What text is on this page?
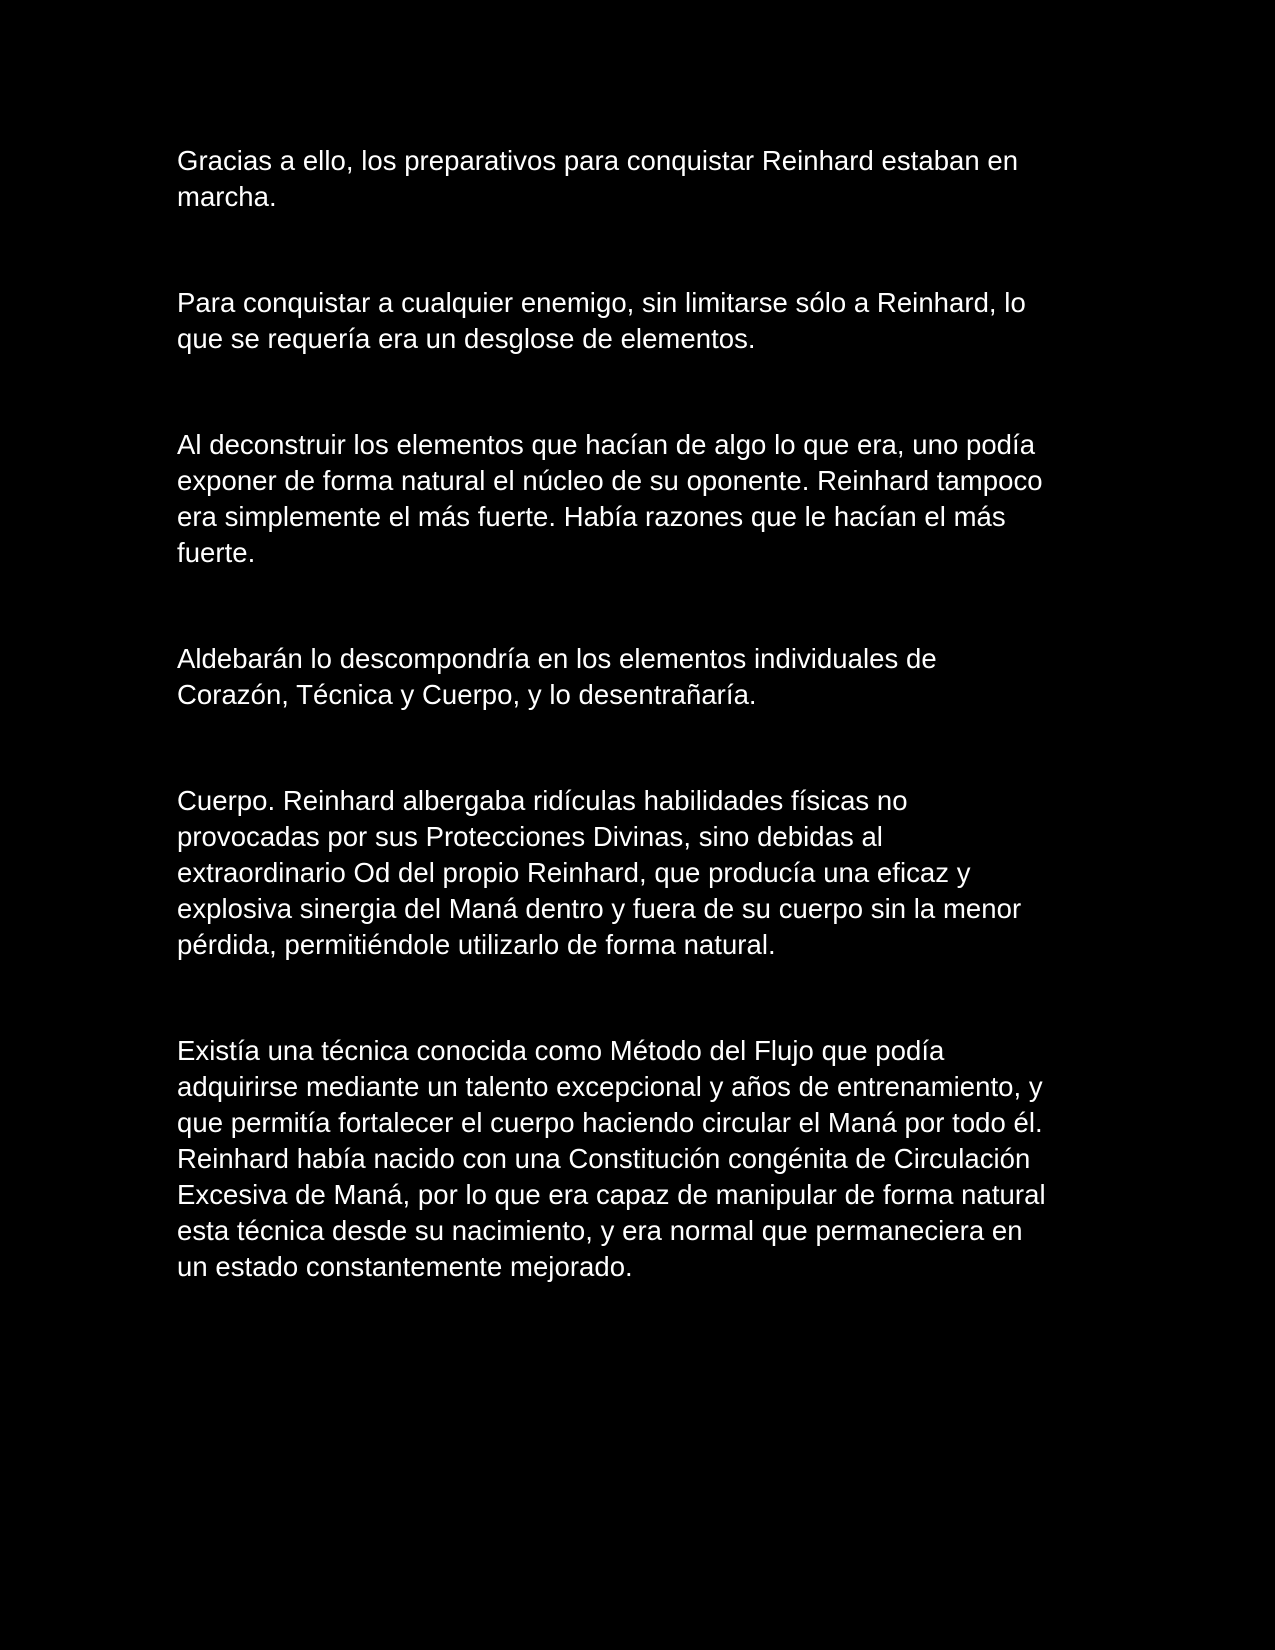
Gracias a ello, los preparativos para conquistar Reinhard estaban en
marcha.

Para conquistar a cualquier enemigo, sin limitarse sólo a Reinhard, lo
que se requería era un desglose de elementos.

Al deconstruir los elementos que hacían de algo lo que era, uno podía
exponer de forma natural el núcleo de su oponente. Reinhard tampoco
era simplemente el más fuerte. Había razones que le hacían el más
fuerte.

Aldebarán lo descompondría en los elementos individuales de
Corazón, Técnica y Cuerpo, y lo desentrañaría.

Cuerpo. Reinhard albergaba ridículas habilidades físicas no
provocadas por sus Protecciones Divinas, sino debidas al
extraordinario Od del propio Reinhard, que producía una eficaz y
explosiva sinergia del Maná dentro y fuera de su cuerpo sin la menor
pérdida, permitiéndole utilizarlo de forma natural.

Existía una técnica conocida como Método del Flujo que podía
adquirirse mediante un talento excepcional y años de entrenamiento, y
que permitía fortalecer el cuerpo haciendo circular el Maná por todo él.
Reinhard había nacido con una Constitución congénita de Circulación
Excesiva de Maná, por lo que era capaz de manipular de forma natural
esta técnica desde su nacimiento, y era normal que permaneciera en
un estado constantemente mejorado.
